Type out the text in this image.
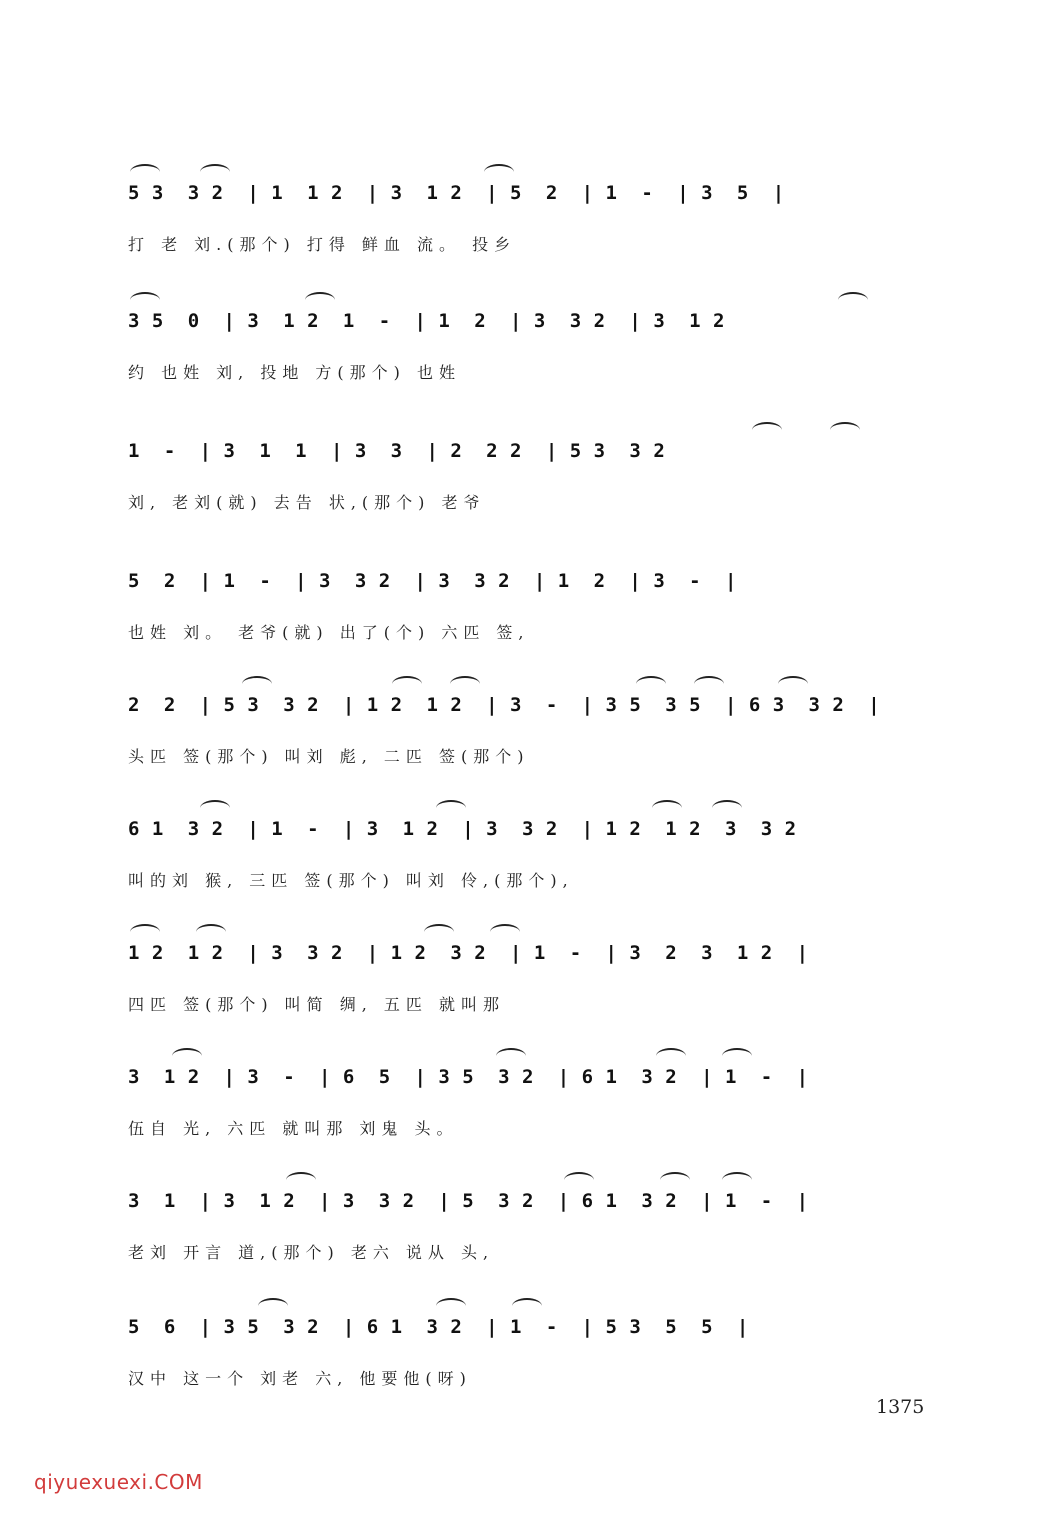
5 3  3 2  | 1  1 2  | 3  1 2  | 5  2  | 1  -  | 3  5  |
打 老 刘.(那个) 打得 鲜血 流。 投乡
3 5  0  | 3  1 2  1  -  | 1  2  | 3  3 2  | 3  1 2
约 也姓 刘, 投地 方(那个) 也姓
1  -  | 3  1  1  | 3  3  | 2  2 2  | 5 3  3 2
刘, 老刘(就) 去告 状,(那个) 老爷
5  2  | 1  -  | 3  3 2  | 3  3 2  | 1  2  | 3  -  |
也姓 刘。 老爷(就) 出了(个) 六匹 签,
2  2  | 5 3  3 2  | 1 2  1 2  | 3  -  | 3 5  3 5  | 6 3  3 2  |
头匹 签(那个) 叫刘 彪, 二匹 签(那个)
6 1  3 2  | 1  -  | 3  1 2  | 3  3 2  | 1 2  1 2  3  3 2
叫的刘 猴, 三匹 签(那个) 叫刘 伶,(那个),
1 2  1 2  | 3  3 2  | 1 2  3 2  | 1  -  | 3  2  3  1 2  |
四匹 签(那个) 叫简 绸, 五匹 就叫那
3  1 2  | 3  -  | 6  5  | 3 5  3 2  | 6 1  3 2  | 1  -  |
伍自 光, 六匹 就叫那 刘鬼 头。
3  1  | 3  1 2  | 3  3 2  | 5  3 2  | 6 1  3 2  | 1  -  |
老刘 开言 道,(那个) 老六 说从 头,
5  6  | 3 5  3 2  | 6 1  3 2  | 1  -  | 5 3  5  5  |
汉中 这一个 刘老 六, 他要他(呀)
1375
qiyuexuexi.COM
